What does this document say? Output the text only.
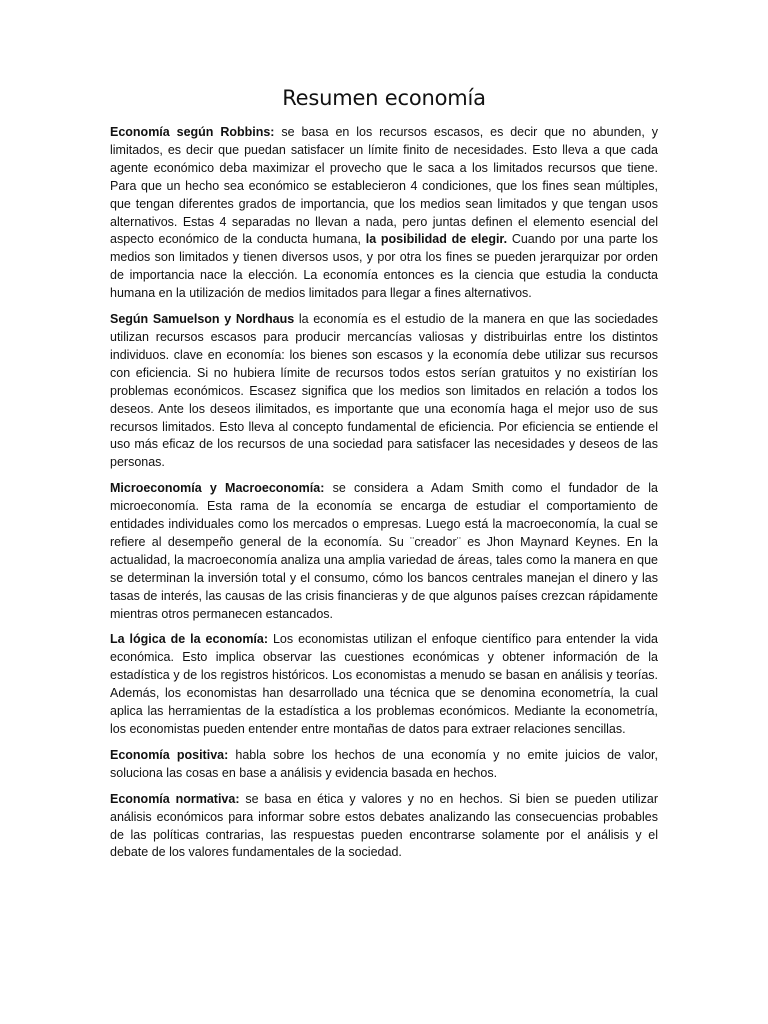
Resumen economía

Economía según Robbins: se basa en los recursos escasos, es decir que no abunden, y limitados, es decir que puedan satisfacer un límite finito de necesidades. Esto lleva a que cada agente económico deba maximizar el provecho que le saca a los limitados recursos que tiene. Para que un hecho sea económico se establecieron 4 condiciones, que los fines sean múltiples, que tengan diferentes grados de importancia, que los medios sean limitados y que tengan usos alternativos. Estas 4 separadas no llevan a nada, pero juntas definen el elemento esencial del aspecto económico de la conducta humana, la posibilidad de elegir. Cuando por una parte los medios son limitados y tienen diversos usos, y por otra los fines se pueden jerarquizar por orden de importancia nace la elección. La economía entonces es la ciencia que estudia la conducta humana en la utilización de medios limitados para llegar a fines alternativos.

Según Samuelson y Nordhaus la economía es el estudio de la manera en que las sociedades utilizan recursos escasos para producir mercancías valiosas y distribuirlas entre los distintos individuos. clave en economía: los bienes son escasos y la economía debe utilizar sus recursos con eficiencia. Si no hubiera límite de recursos todos estos serían gratuitos y no existirían los problemas económicos. Escasez significa que los medios son limitados en relación a todos los deseos. Ante los deseos ilimitados, es importante que una economía haga el mejor uso de sus recursos limitados. Esto lleva al concepto fundamental de eficiencia. Por eficiencia se entiende el uso más eficaz de los recursos de una sociedad para satisfacer las necesidades y deseos de las personas.

Microeconomía y Macroeconomía: se considera a Adam Smith como el fundador de la microeconomía. Esta rama de la economía se encarga de estudiar el comportamiento de entidades individuales como los mercados o empresas. Luego está la macroeconomía, la cual se refiere al desempeño general de la economía. Su ¨creador¨ es Jhon Maynard Keynes. En la actualidad, la macroeconomía analiza una amplia variedad de áreas, tales como la manera en que se determinan la inversión total y el consumo, cómo los bancos centrales manejan el dinero y las tasas de interés, las causas de las crisis financieras y de que algunos países crezcan rápidamente mientras otros permanecen estancados.

La lógica de la economía: Los economistas utilizan el enfoque científico para entender la vida económica. Esto implica observar las cuestiones económicas y obtener información de la estadística y de los registros históricos. Los economistas a menudo se basan en análisis y teorías. Además, los economistas han desarrollado una técnica que se denomina econometría, la cual aplica las herramientas de la estadística a los problemas económicos. Mediante la econometría, los economistas pueden entender entre montañas de datos para extraer relaciones sencillas.

Economía positiva: habla sobre los hechos de una economía y no emite juicios de valor, soluciona las cosas en base a análisis y evidencia basada en hechos.

Economía normativa: se basa en ética y valores y no en hechos. Si bien se pueden utilizar análisis económicos para informar sobre estos debates analizando las consecuencias probables de las políticas contrarias, las respuestas pueden encontrarse solamente por el análisis y el debate de los valores fundamentales de la sociedad.
